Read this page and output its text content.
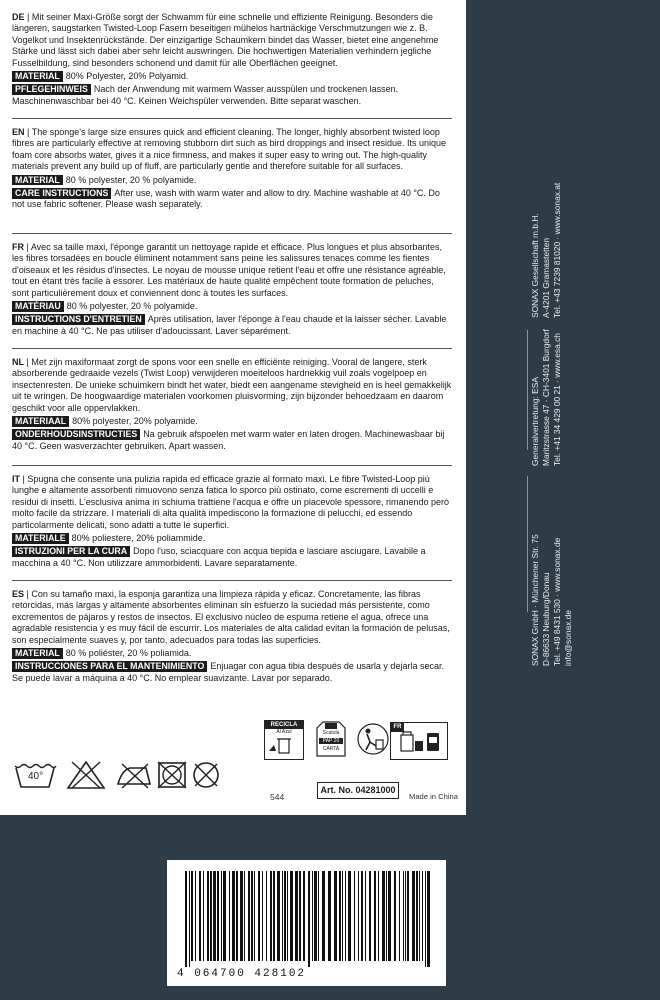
DE | Mit seiner Maxi-Größe sorgt der Schwamm für eine schnelle und effiziente Reinigung. Besonders die längeren, saugstarken Twisted-Loop Fasern beseitigen mühelos hartnäckige Verschmutzungen wie z. B. Vogelkot und Insektenrückstände. Der einzigartige Schaumkern bindet das Wasser, bietet eine angenehme Stärke und lässt sich dabei aber sehr leicht auswringen. Die hochwertigen Materialien verhindern jegliche Fusselbildung, sind besonders schonend und damit für alle Oberflächen geeignet.
MATERIAL 80% Polyester, 20% Polyamid.
PFLEGEHINWEIS Nach der Anwendung mit warmem Wasser ausspülen und trockenen lassen. Maschinenwaschbar bei 40 °C. Keinen Weichspüler verwenden. Bitte separat waschen.
EN | The sponge's large size ensures quick and efficient cleaning. The longer, highly absorbent twisted loop fibres are particularly effective at removing stubborn dirt such as bird droppings and insect residue. Its unique foam core absorbs water, gives it a nice firmness, and makes it super easy to wring out. The high-quality materials prevent any build up of fluff, are particularly gentle and therefore suitable for all surfaces.
MATERIAL 80 % polyester, 20 % polyamide.
CARE INSTRUCTIONS After use, wash with warm water and allow to dry. Machine washable at 40 °C. Do not use fabric softener. Please wash separately.
FR | Avec sa taille maxi, l'éponge garantit un nettoyage rapide et efficace. Plus longues et plus absorbantes, les fibres torsadées en boucle éliminent notamment sans peine les salissures tenaces comme les fientes d'oiseaux et les résidus d'insectes. Le noyau de mousse unique retient l'eau et offre une résistance agréable, tout en étant très facile à essorer. Les matériaux de haute qualité empêchent toute formation de peluches, sont particulièrement doux et conviennent donc à toutes les surfaces.
MATÉRIAU 80 % polyester, 20 % polyamide.
INSTRUCTIONS D'ENTRETIEN Après utilisation, laver l'éponge à l'eau chaude et la laisser sécher. Lavable en machine à 40 °C. Ne pas utiliser d'adoucissant. Laver séparément.
NL | Met zijn maxiformaat zorgt de spons voor een snelle en efficiënte reiniging. Vooral de langere, sterk absorberende gedraaide vezels (Twist Loop) verwijderen moeiteloos hardnekkig vuil zoals vogelpoep en insectenresten. De unieke schuimkern bindt het water, biedt een aangename stevigheid en is heel gemakkelijk uit te wringen. De hoogwaardige materialen voorkomen pluisvorming, zijn bijzonder behoedzaam en daarom geschikt voor alle oppervlakken.
MATERIAAL 80% polyester, 20% polyamide.
ONDERHOUDSINSTRUCTIES Na gebruik afspoelen met warm water en laten drogen. Machinewasbaar bij 40 °C. Geen wasverzachter gebruiken. Apart wassen.
IT | Spugna che consente una pulizia rapida ed efficace grazie al formato maxi. Le fibre Twisted-Loop più lunghe e altamente assorbenti rimuovono senza fatica lo sporco più ostinato, come escrementi di uccelli e residui di insetti. L'esclusiva anima in schiuma trattiene l'acqua e offre un piacevole spessore, rimanendo però molto facile da strizzare. I materiali di alta qualità impediscono la formazione di pelucchi, ed essendo particolarmente delicati, sono adatti a tutte le superfici.
MATERIALE 80% poliestere, 20% poliammide.
ISTRUZIONI PER LA CURA Dopo l'uso, sciacquare con acqua tiepida e lasciare asciugare. Lavabile a macchina a 40 °C. Non utilizzare ammorbidenti. Lavare separatamente.
ES | Con su tamaño maxi, la esponja garantiza una limpieza rápida y eficaz. Concretamente, las fibras retorcidas, más largas y altamente absorbentes eliminan sin esfuerzo la suciedad más persistente, como excrementos de pájaros y restos de insectos. El exclusivo núcleo de espuma retiene el agua, ofrece una agradable resistencia y es muy fácil de escurrir. Los materiales de alta calidad evitan la formación de pelusas, son especialmente suaves y, por tanto, adecuados para todas las superficies.
MATERIAL 80 % poliéster, 20 % poliamida.
INSTRUCCIONES PARA EL MANTENIMIENTO Enjuagar con agua tibia después de usarla y dejarla secar. Se puede lavar a máquina a 40 °C. No emplear suavizante. Lavar por separado.
RECICLA
Al Azul	Scatola
PAP 20
CARTA
FR
40°
544
Art. No. 04281000
Made in China
SONAX Gesellschaft m.b.H. A-4201 Gramastetten Tel. +43 7239 81020 · www.sonax.at
Generalvertretung: ESA Maritzstrasse 47 · CH-3401 Burgdorf Tel. +41 34 429 00 21 · www.esa.ch
SONAX GmbH · Münchener Str. 75 D-86633 Neuburg/Donau Tel. +49 8431 530 · www.sonax.de info@sonax.de
4 064700 428102
